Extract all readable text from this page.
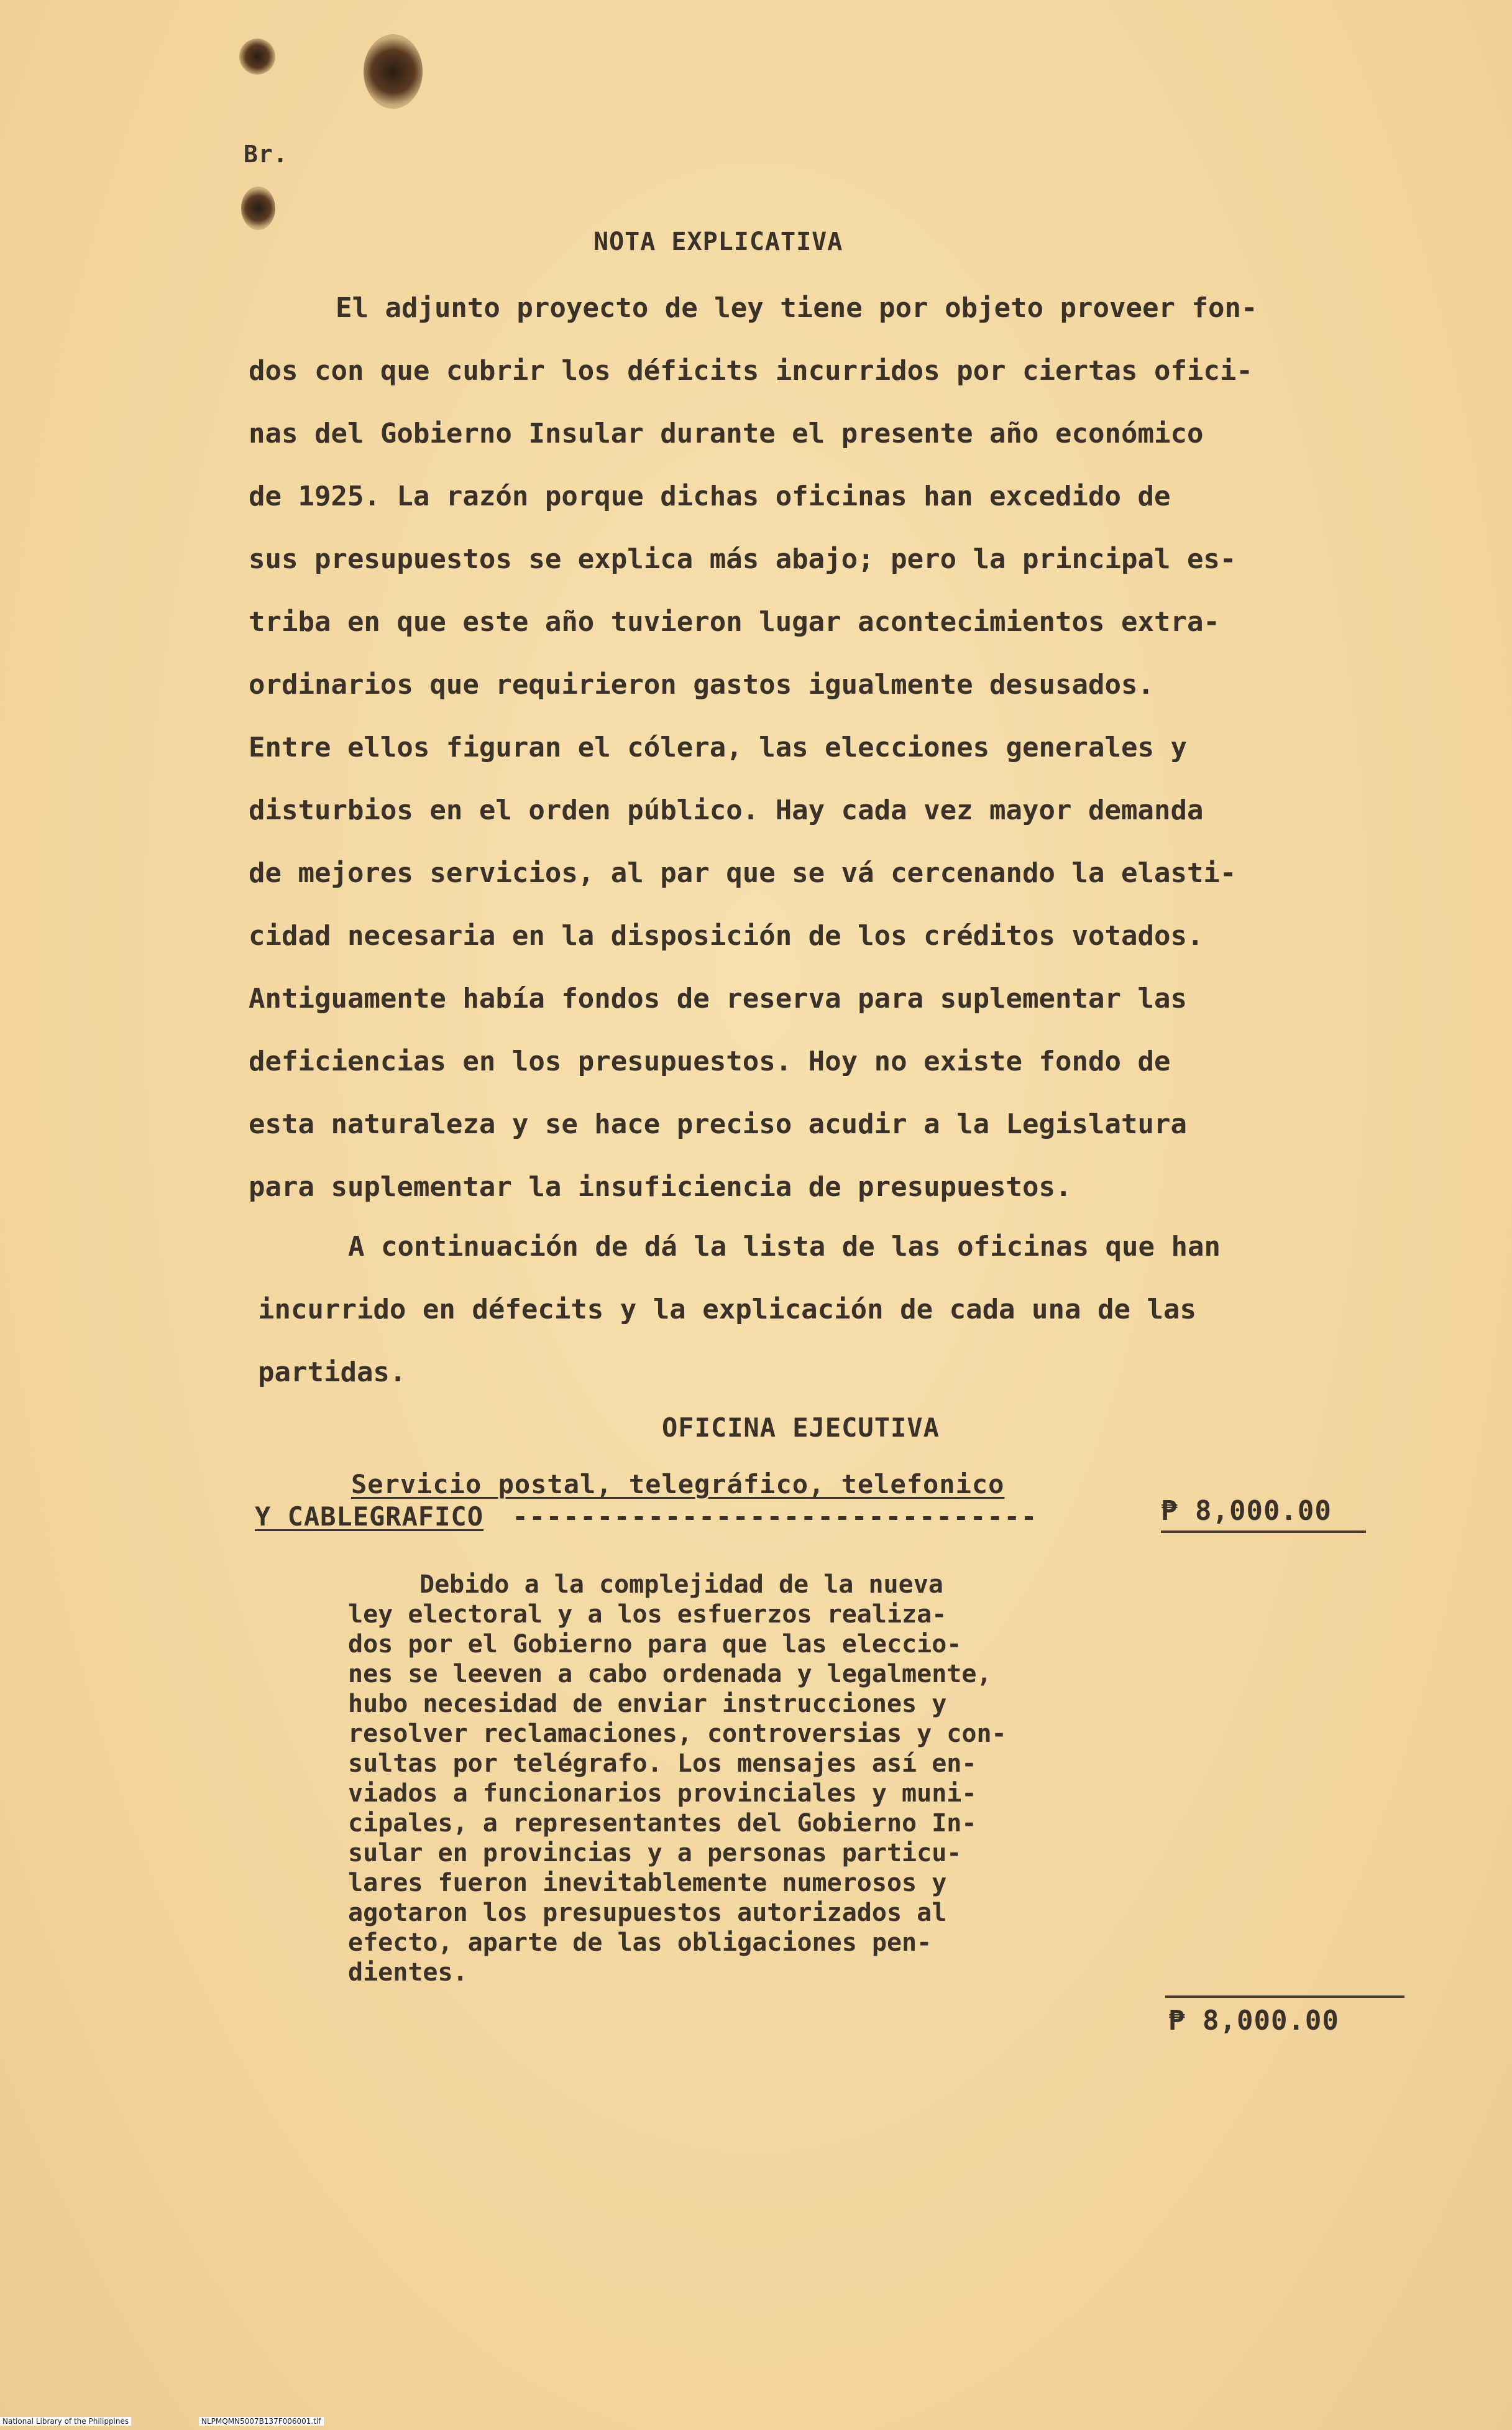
Br.
NOTA EXPLICATIVA
El adjunto proyecto de ley tiene por objeto proveer fon-
dos con que cubrir los déficits incurridos por ciertas ofici-
nas del Gobierno Insular durante el presente año económico
de 1925. La razón porque dichas oficinas han excedido de
sus presupuestos se explica más abajo; pero la principal es-
triba en que este año tuvieron lugar acontecimientos extra-
ordinarios que requirieron gastos igualmente desusados.
Entre ellos figuran el cólera, las elecciones generales y
disturbios en el orden público. Hay cada vez mayor demanda
de mejores servicios, al par que se vá cercenando la elasti-
cidad necesaria en la disposición de los créditos votados.
Antiguamente había fondos de reserva para suplementar las
deficiencias en los presupuestos. Hoy no existe fondo de
esta naturaleza y se hace preciso acudir a la Legislatura
para suplementar la insuficiencia de presupuestos.
A continuación de dá la lista de las oficinas que han
incurrido en défecits y la explicación de cada una de las
partidas.
OFICINA EJECUTIVA
Servicio postal, telegráfico, telefonico
Y CABLEGRAFICO -------------------------------	₱ 8,000.00
Debido a la complejidad de la nueva
ley electoral y a los esfuerzos realiza-
dos por el Gobierno para que las eleccio-
nes se leeven a cabo ordenada y legalmente,
hubo necesidad de enviar instrucciones y
resolver reclamaciones, controversias y con-
sultas por telégrafo. Los mensajes así en-
viados a funcionarios provinciales y muni-
cipales, a representantes del Gobierno In-
sular en provincias y a personas particu-
lares fueron inevitablemente numerosos y
agotaron los presupuestos autorizados al
efecto, aparte de las obligaciones pen-
dientes.
₱ 8,000.00
National Library of the Philippines	NLPMQMN5007B137F006001.tif
